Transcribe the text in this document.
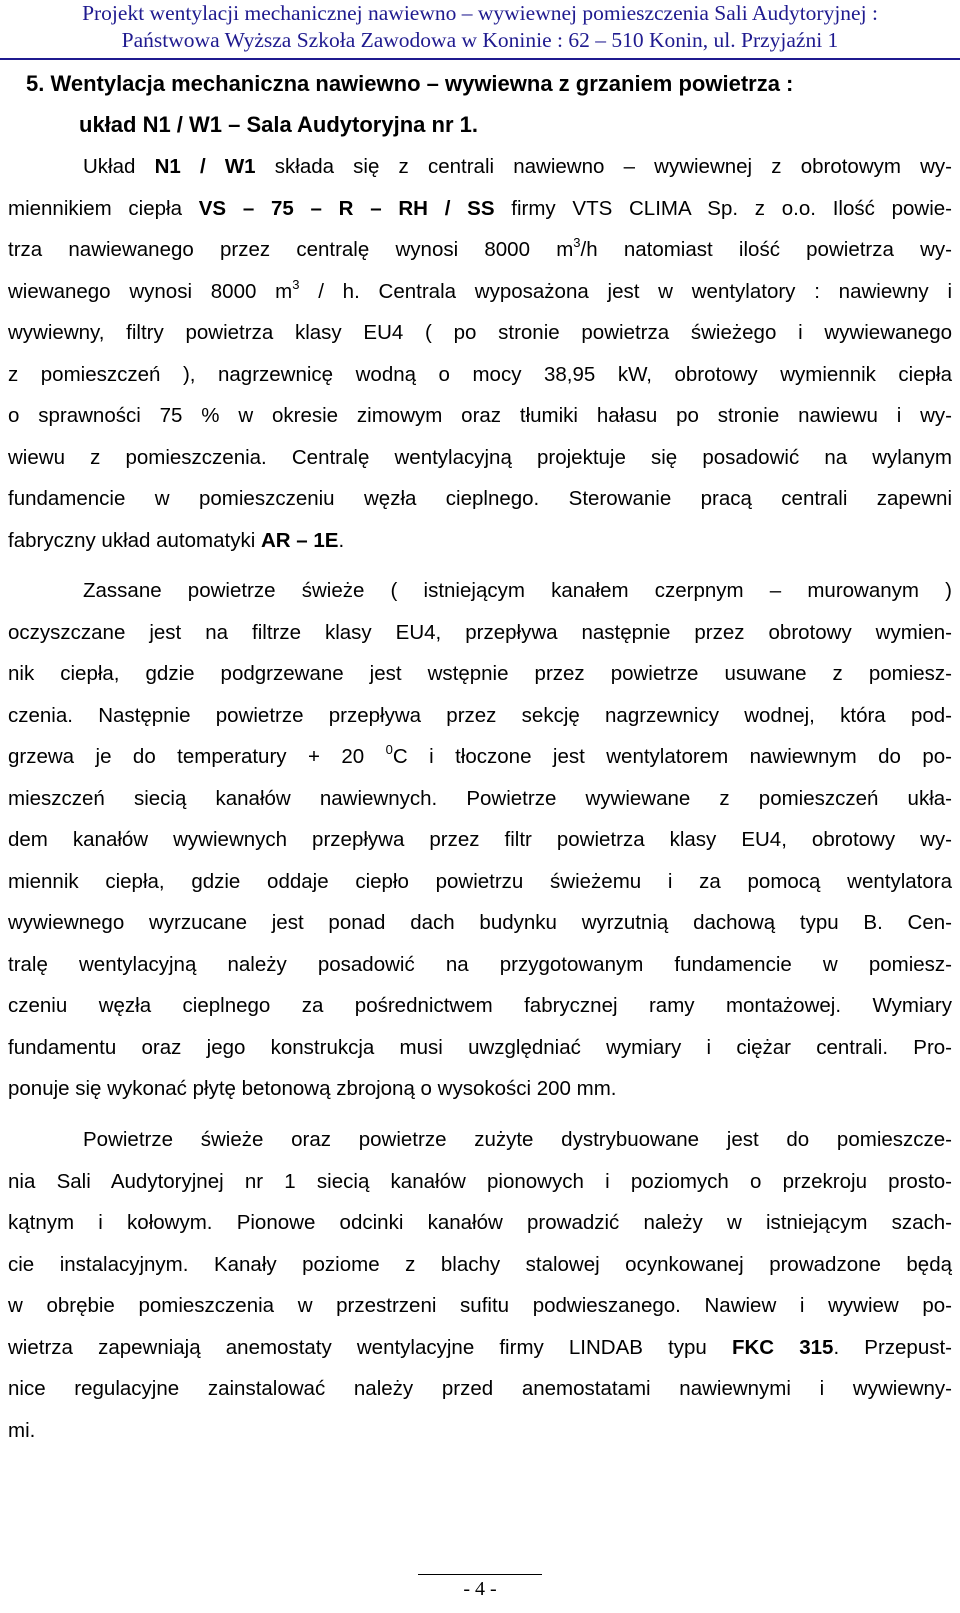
Projekt wentylacji mechanicznej nawiewno – wywiewnej pomieszczenia Sali Audytoryjnej :
Państwowa Wyższa Szkoła Zawodowa w Koninie : 62 – 510 Konin, ul. Przyjaźni 1
5. Wentylacja mechaniczna nawiewno – wywiewna z grzaniem powietrza :
układ N1 / W1 – Sala Audytoryjna nr 1.
Układ N1 / W1 składa się z centrali nawiewno – wywiewnej z obrotowym wy-
miennikiem ciepła VS – 75 – R – RH / SS firmy VTS CLIMA Sp. z o.o. Ilość powie-
trza nawiewanego przez centralę wynosi 8000 $m^3/h$ natomiast ilość powietrza wy-
wiewanego wynosi 8000 $m^3$ / h. Centrala wyposażona jest w wentylatory : nawiewny i
wywiewny, filtry powietrza klasy EU4 ( po stronie powietrza świeżego i wywiewanego
z pomieszczeń ), nagrzewnicę wodną o mocy 38,95 kW, obrotowy wymiennik ciepła
o sprawności 75 % w okresie zimowym oraz tłumiki hałasu po stronie nawiewu i wy-
wiewu z pomieszczenia. Centralę wentylacyjną projektuje się posadowić na wylanym
fundamencie w pomieszczeniu węzła cieplnego. Sterowanie pracą centrali zapewni
fabryczny układ automatyki AR – 1E.
Zassane powietrze świeże ( istniejącym kanałem czerpnym – murowanym )
oczyszczane jest na filtrze klasy EU4, przepływa następnie przez obrotowy wymien-
nik ciepła, gdzie podgrzewane jest wstępnie przez powietrze usuwane z pomiesz-
czenia. Następnie powietrze przepływa przez sekcję nagrzewnicy wodnej, która pod-
grzewa je do temperatury + 20 $^0$C i tłoczone jest wentylatorem nawiewnym do po-
mieszczeń siecią kanałów nawiewnych. Powietrze wywiewane z pomieszczeń ukła-
dem kanałów wywiewnych przepływa przez filtr powietrza klasy EU4, obrotowy wy-
miennik ciepła, gdzie oddaje ciepło powietrzu świeżemu i za pomocą wentylatora
wywiewnego wyrzucane jest ponad dach budynku wyrzutnią dachową typu B. Cen-
tralę wentylacyjną należy posadowić na przygotowanym fundamencie w pomiesz-
czeniu węzła cieplnego za pośrednictwem fabrycznej ramy montażowej. Wymiary
fundamentu oraz jego konstrukcja musi uwzględniać wymiary i ciężar centrali. Pro-
ponuje się wykonać płytę betonową zbrojoną o wysokości 200 mm.
Powietrze świeże oraz powietrze zużyte dystrybuowane jest do pomieszcze-
nia Sali Audytoryjnej nr 1 siecią kanałów pionowych i poziomych o przekroju prosto-
kątnym i kołowym. Pionowe odcinki kanałów prowadzić należy w istniejącym szach-
cie instalacyjnym. Kanały poziome z blachy stalowej ocynkowanej prowadzone będą
w obrębie pomieszczenia w przestrzeni sufitu podwieszanego. Nawiew i wywiew po-
wietrza zapewniają anemostaty wentylacyjne firmy LINDAB typu FKC 315. Przepust-
nice regulacyjne zainstalować należy przed anemostatami nawiewnymi i wywiewny-
mi.
- 4 -
